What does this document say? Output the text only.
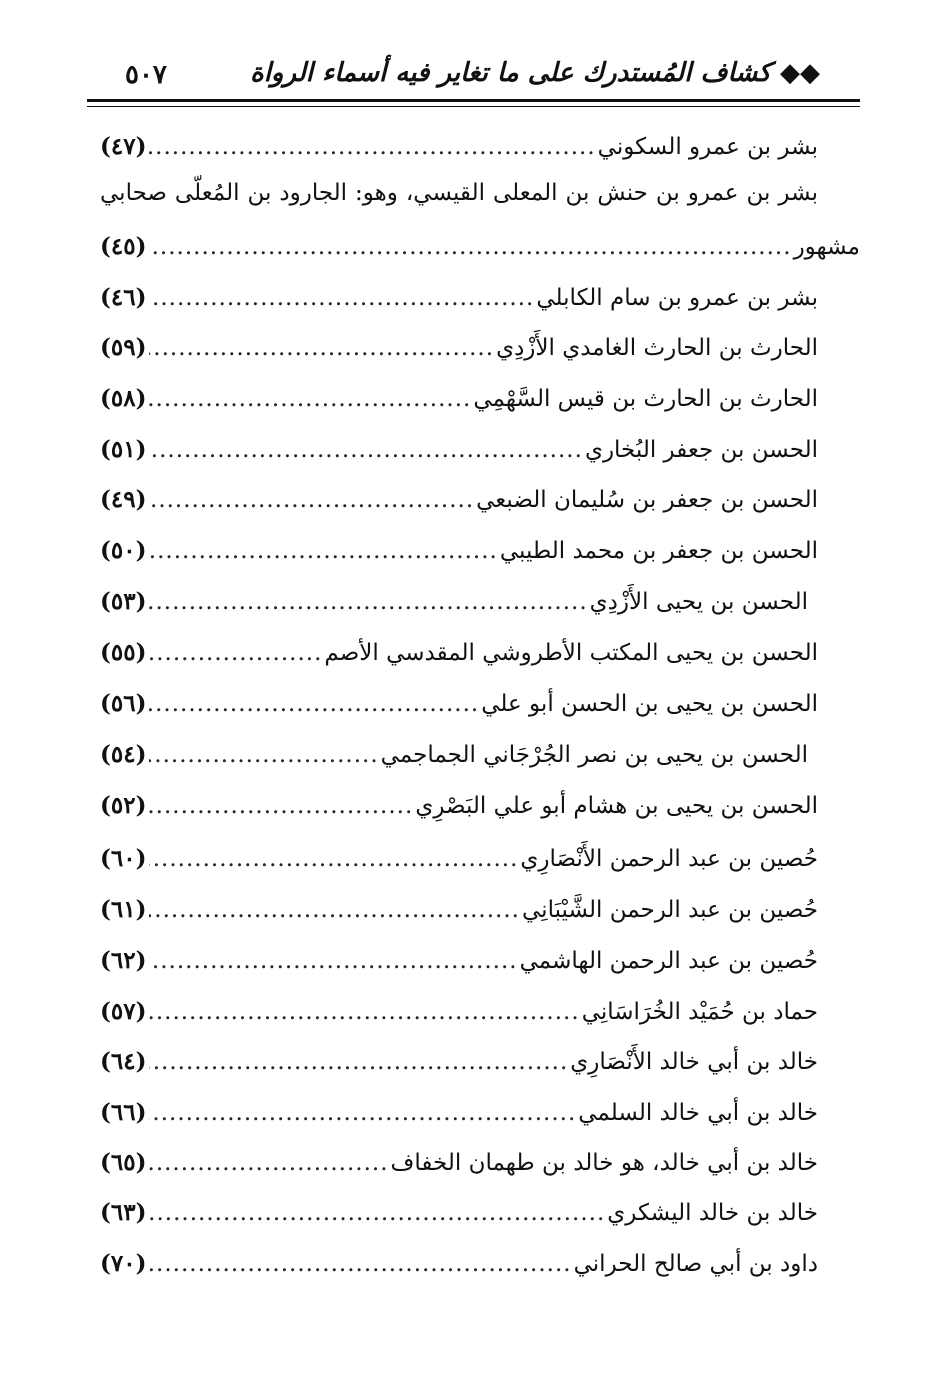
◆◆ كشاف المُستدرك على ما تغاير فيه أسماء الرواة
٥٠٧
بشر بن عمرو بن حنش بن المعلى القيسي، وهو: الجارود بن المُعلّى صحابي
بشر بن عمرو السكوني
.....
(٤٧)
مشهور
.....
(٤٥)
بشر بن عمرو بن سام الكابلي
.....
(٤٦)
الحارث بن الحارث الغامدي الأَزْدِي
.....
(٥٩)
الحارث بن الحارث بن قيس السَّهْمِي
.....
(٥٨)
الحسن بن جعفر البُخاري
.....
(٥١)
الحسن بن جعفر بن سُليمان الضبعي
.....
(٤٩)
الحسن بن جعفر بن محمد الطيبي
.....
(٥٠)
الحسن بن يحيى الأَزْدِي
.....
(٥٣)
الحسن بن يحيى المكتب الأطروشي المقدسي الأصم
.....
(٥٥)
الحسن بن يحيى بن الحسن أبو علي
.....
(٥٦)
الحسن بن يحيى بن نصر الجُرْجَاني الجماجمي
.....
(٥٤)
الحسن بن يحيى بن هشام أبو علي البَصْرِي
.....
(٥٢)
حُصين بن عبد الرحمن الأَنْصَارِي
.....
(٦٠)
حُصين بن عبد الرحمن الشَّيْبَانِي
.....
(٦١)
حُصين بن عبد الرحمن الهاشمي
.....
(٦٢)
حماد بن حُمَيْد الخُرَاسَانِي
.....
(٥٧)
خالد بن أبي خالد الأَنْصَارِي
.....
(٦٤)
خالد بن أبي خالد السلمي
.....
(٦٦)
خالد بن أبي خالد، هو خالد بن طهمان الخفاف
.....
(٦٥)
خالد بن خالد اليشكري
.....
(٦٣)
داود بن أبي صالح الحراني
.....
(٧٠)
